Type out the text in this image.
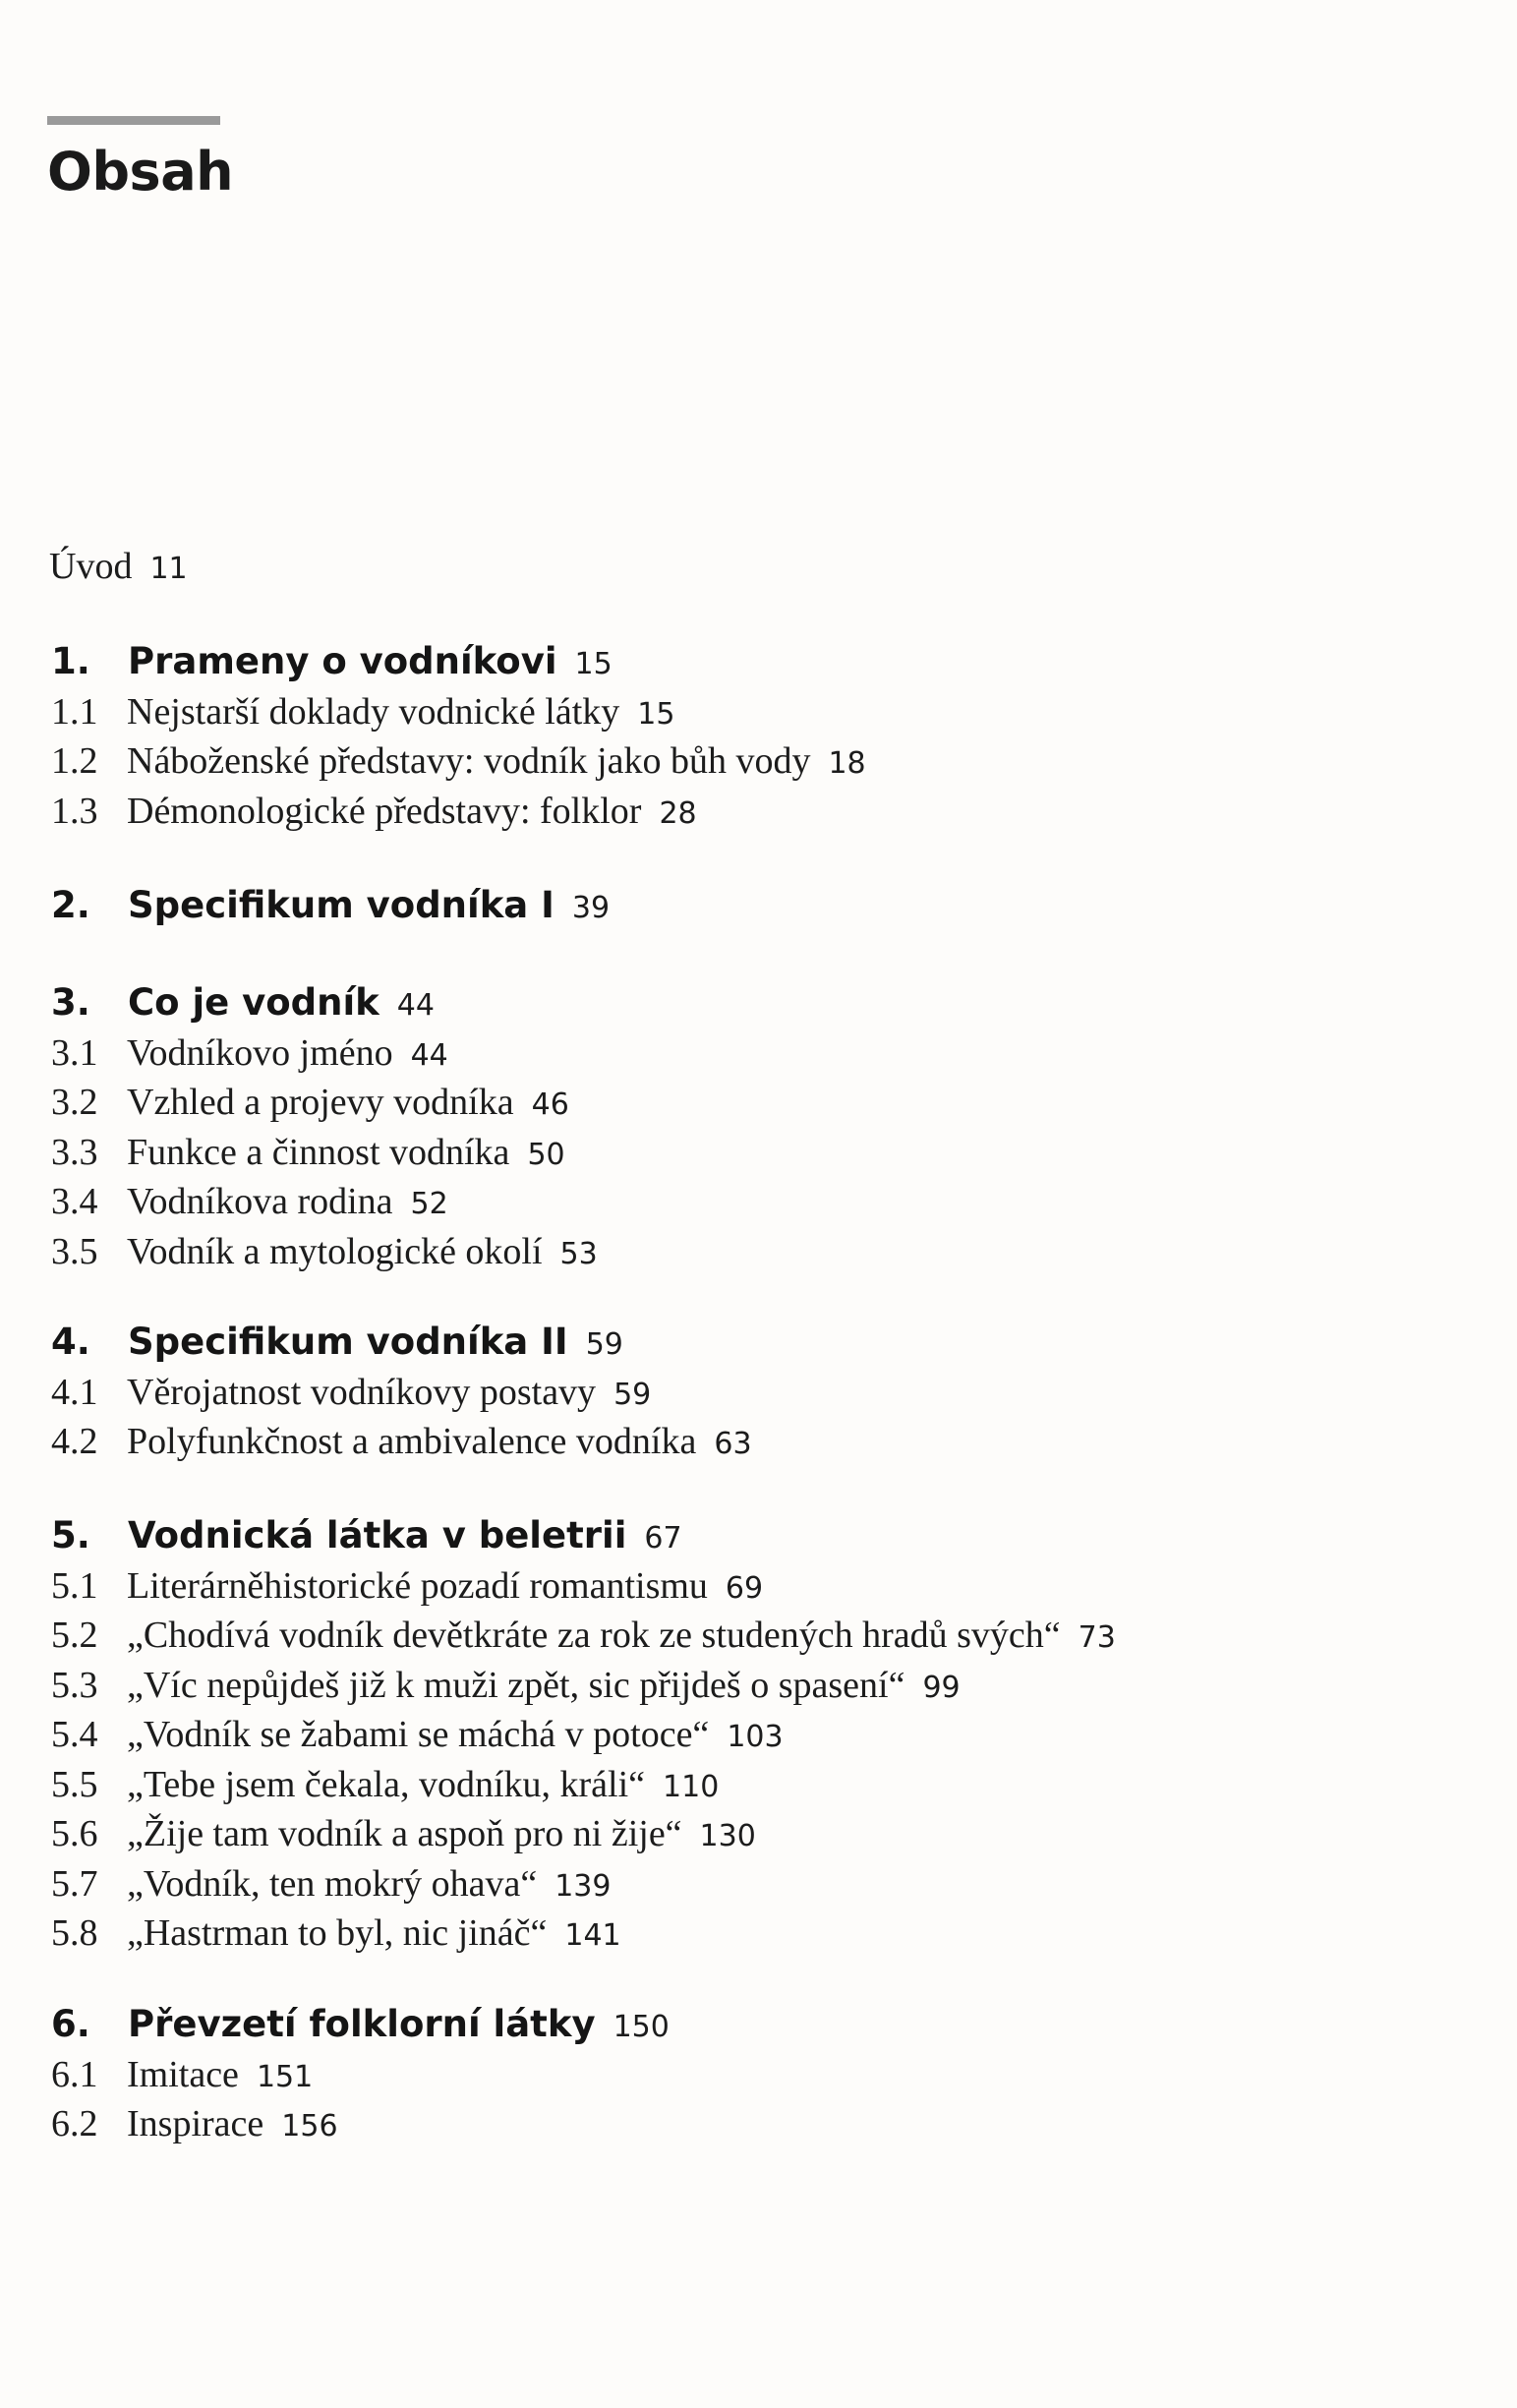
Obsah
Úvod 11
1. Prameny o vodníkovi 15
1.1 Nejstarší doklady vodnické látky 15
1.2 Náboženské představy: vodník jako bůh vody 18
1.3 Démonologické představy: folklor 28
2. Specifikum vodníka I 39
3. Co je vodník 44
3.1 Vodníkovo jméno 44
3.2 Vzhled a projevy vodníka 46
3.3 Funkce a činnost vodníka 50
3.4 Vodníkova rodina 52
3.5 Vodník a mytologické okolí 53
4. Specifikum vodníka II 59
4.1 Věrojatnost vodníkovy postavy 59
4.2 Polyfunkčnost a ambivalence vodníka 63
5. Vodnická látka v beletrii 67
5.1 Literárněhistorické pozadí romantismu 69
5.2 „Chodívá vodník devětkráte za rok ze studených hradů svých“ 73
5.3 „Víc nepůjdeš již k muži zpět, sic přijdeš o spasení“ 99
5.4 „Vodník se žabami se máchá v potoce“ 103
5.5 „Tebe jsem čekala, vodníku, králi“ 110
5.6 „Žije tam vodník a aspoň pro ni žije“ 130
5.7 „Vodník, ten mokrý ohava“ 139
5.8 „Hastrman to byl, nic jináč“ 141
6. Převzetí folklorní látky 150
6.1 Imitace 151
6.2 Inspirace 156
